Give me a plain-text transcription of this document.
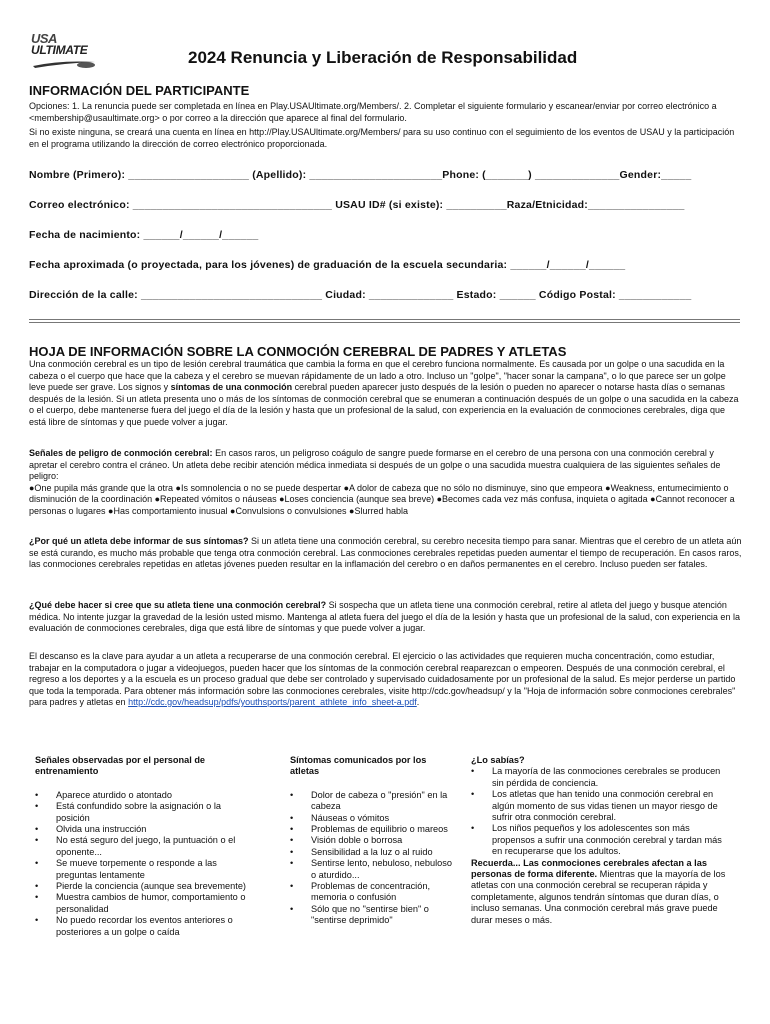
USA
ULTIMATE	2024 Renuncia y Liberación de Responsabilidad
INFORMACIÓN DEL PARTICIPANTE
Opciones: 1. La renuncia puede ser completada en línea en Play.USAUltimate.org/Members/. 2. Completar el siguiente formulario y escanear/enviar por correo electrónico a <membership@usaultimate.org> o por correo a la dirección que aparece al final del formulario.
Si no existe ninguna, se creará una cuenta en línea en http://Play.USAUltimate.org/Members/ para su uso continuo con el seguimiento de los eventos de USAU y la participación en el programa utilizando la dirección de correo electrónico proporcionada.
Nombre (Primero): ____________________ (Apellido): ______________________Phone: (_______) ______________Gender:_____
Correo electrónico: _________________________________ USAU ID# (si existe): __________Raza/Etnicidad:________________
Fecha de nacimiento: ______/______/______
Fecha aproximada (o proyectada, para los jóvenes) de graduación de la escuela secundaria: ______/______/______
Dirección de la calle: ______________________________ Ciudad: ______________ Estado: ______ Código Postal: ____________
HOJA DE INFORMACIÓN SOBRE LA CONMOCIÓN CEREBRAL DE PADRES Y ATLETAS
Una conmoción cerebral es un tipo de lesión cerebral traumática que cambia la forma en que el cerebro funciona normalmente. Es causada por un golpe o una sacudida en la cabeza o el cuerpo que hace que la cabeza y el cerebro se muevan rápidamente de un lado a otro. Incluso un "golpe", "hacer sonar la campana", o lo que parece ser un golpe leve puede ser grave. Los signos y síntomas de una conmoción cerebral pueden aparecer justo después de la lesión o pueden no aparecer o notarse hasta días o semanas después de la lesión. Si un atleta presenta uno o más de los síntomas de conmoción cerebral que se enumeran a continuación después de un golpe o una sacudida en la cabeza o el cuerpo, debe mantenerse fuera del juego el día de la lesión y hasta que un profesional de la salud, con experiencia en la evaluación de conmociones cerebrales, diga que está libre de síntomas y que puede volver a jugar.
Señales de peligro de conmoción cerebral: En casos raros, un peligroso coágulo de sangre puede formarse en el cerebro de una persona con una conmoción cerebral y apretar el cerebro contra el cráneo. Un atleta debe recibir atención médica inmediata si después de un golpe o una sacudida muestra cualquiera de las siguientes señales de peligro:
●One pupila más grande que la otra ●Is somnolencia o no se puede despertar ●A dolor de cabeza que no sólo no disminuye, sino que empeora ●Weakness, entumecimiento o disminución de la coordinación ●Repeated vómitos o náuseas ●Loses conciencia (aunque sea breve) ●Becomes cada vez más confusa, inquieta o agitada ●Cannot reconocer a personas o lugares ●Has comportamiento inusual ●Convulsions o convulsiones ●Slurred habla
¿Por qué un atleta debe informar de sus síntomas? Si un atleta tiene una conmoción cerebral, su cerebro necesita tiempo para sanar. Mientras que el cerebro de un atleta aún se está curando, es mucho más probable que tenga otra conmoción cerebral. Las conmociones cerebrales repetidas pueden aumentar el tiempo de recuperación. En casos raros, las conmociones cerebrales repetidas en atletas jóvenes pueden resultar en la inflamación del cerebro o en daños permanentes en el cerebro. Incluso pueden ser fatales.
¿Qué debe hacer si cree que su atleta tiene una conmoción cerebral? Si sospecha que un atleta tiene una conmoción cerebral, retire al atleta del juego y busque atención médica. No intente juzgar la gravedad de la lesión usted mismo. Mantenga al atleta fuera del juego el día de la lesión y hasta que un profesional de la salud, con experiencia en la evaluación de conmociones cerebrales, diga que está libre de síntomas y que puede volver a jugar.
El descanso es la clave para ayudar a un atleta a recuperarse de una conmoción cerebral. El ejercicio o las actividades que requieren mucha concentración, como estudiar, trabajar en la computadora o jugar a videojuegos, pueden hacer que los síntomas de la conmoción cerebral reaparezcan o empeoren. Después de una conmoción cerebral, el regreso a los deportes y a la escuela es un proceso gradual que debe ser controlado y supervisado cuidadosamente por un profesional de la salud. Es mejor perderse un partido que toda la temporada. Para obtener más información sobre las conmociones cerebrales, visite http://cdc.gov/headsup/ y la "Hoja de información sobre conmociones cerebrales" para padres y atletas en http://cdc.gov/headsup/pdfs/youthsports/parent_athlete_info_sheet-a.pdf.
Señales observadas por el personal de entrenamiento
• Aparece aturdido o atontado
• Está confundido sobre la asignación o la posición
• Olvida una instrucción
• No está seguro del juego, la puntuación o el oponente...
• Se mueve torpemente o responde a las preguntas lentamente
• Pierde la conciencia (aunque sea brevemente)
• Muestra cambios de humor, comportamiento o personalidad
• No puedo recordar los eventos anteriores o posteriores a un golpe o caída
Síntomas comunicados por los atletas
• Dolor de cabeza o "presión" en la cabeza
• Náuseas o vómitos
• Problemas de equilibrio o mareos
• Visión doble o borrosa
• Sensibilidad a la luz o al ruido
• Sentirse lento, nebuloso, nebuloso o aturdido...
• Problemas de concentración, memoria o confusión
• Sólo que no "sentirse bien" o "sentirse deprimido"
¿Lo sabías?
• La mayoría de las conmociones cerebrales se producen sin pérdida de conciencia.
• Los atletas que han tenido una conmoción cerebral en algún momento de sus vidas tienen un mayor riesgo de sufrir otra conmoción cerebral.
• Los niños pequeños y los adolescentes son más propensos a sufrir una conmoción cerebral y tardan más en recuperarse que los adultos.
Recuerda... Las conmociones cerebrales afectan a las personas de forma diferente. Mientras que la mayoría de los atletas con una conmoción cerebral se recuperan rápida y completamente, algunos tendrán síntomas que duran días, o incluso semanas. Una conmoción cerebral más grave puede durar meses o más.
